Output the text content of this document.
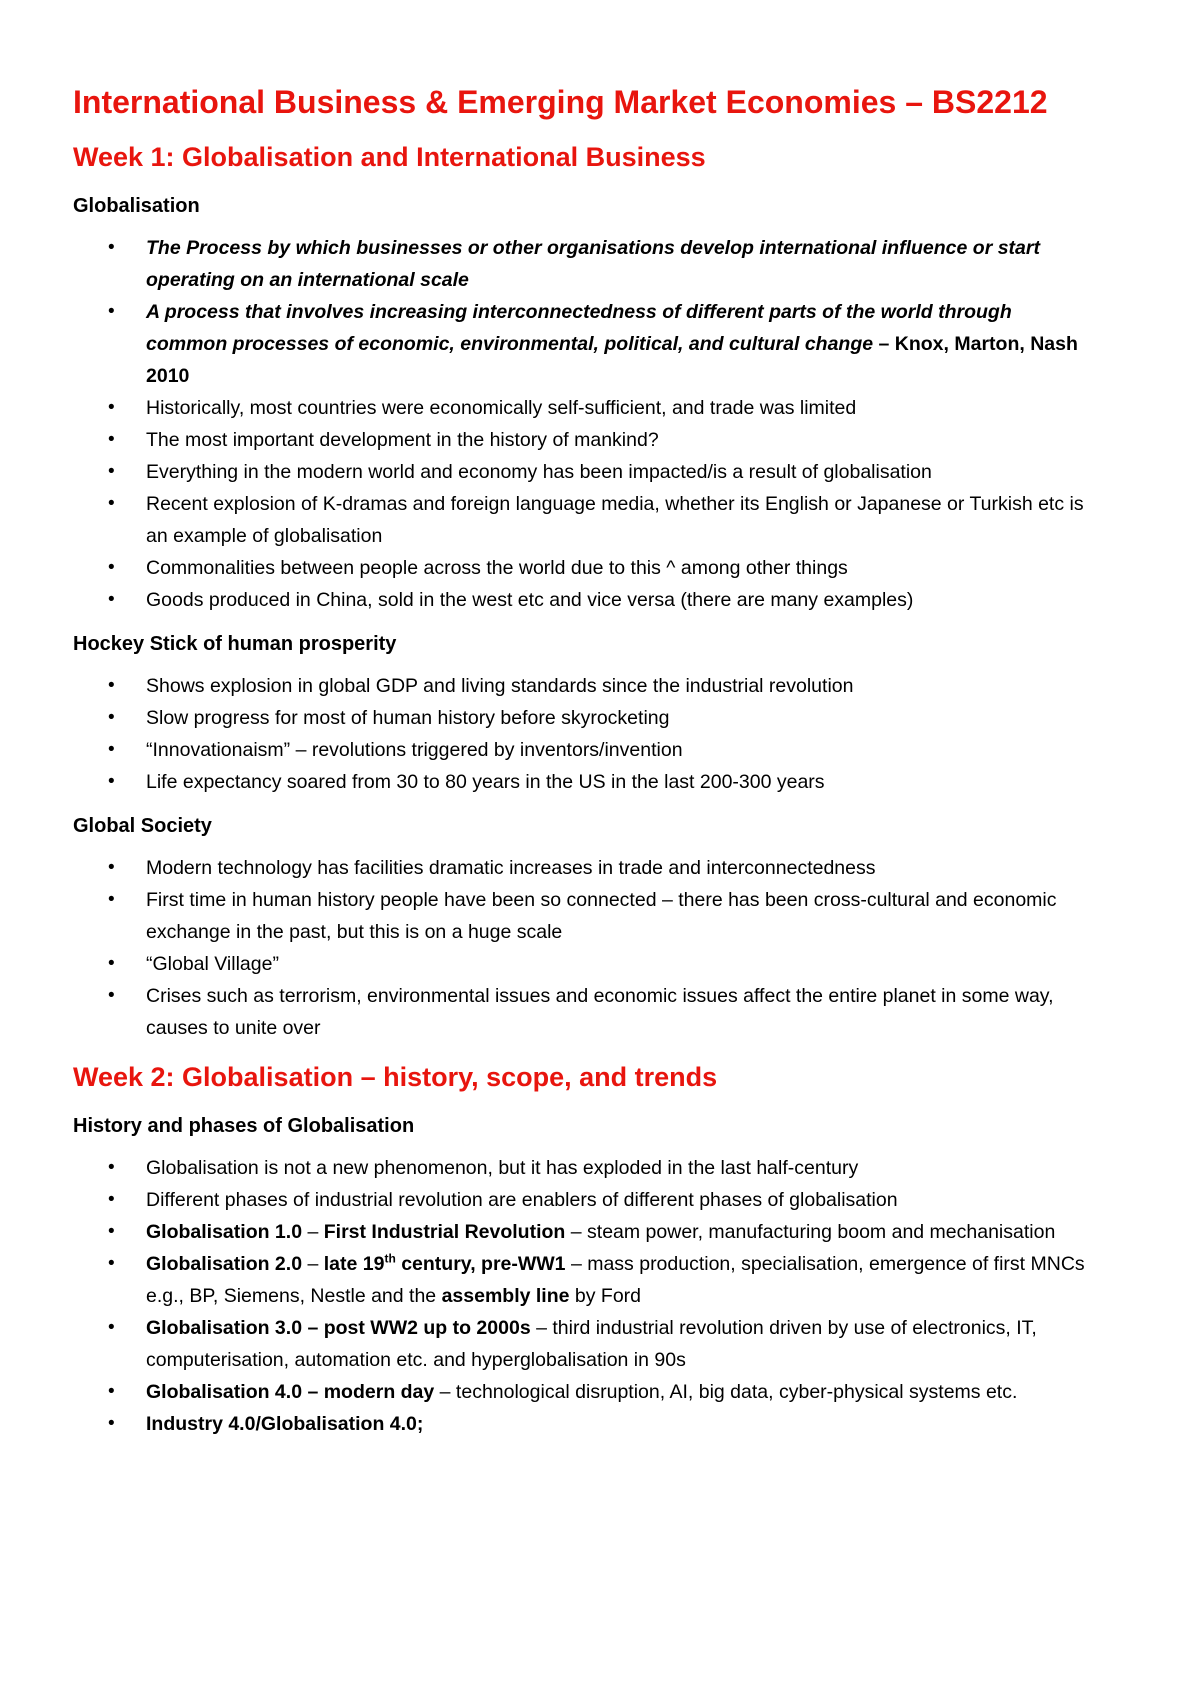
International Business & Emerging Market Economies – BS2212
Week 1: Globalisation and International Business
Globalisation
• The Process by which businesses or other organisations develop international influence or start operating on an international scale
• A process that involves increasing interconnectedness of different parts of the world through common processes of economic, environmental, political, and cultural change – Knox, Marton, Nash 2010
• Historically, most countries were economically self-sufficient, and trade was limited
• The most important development in the history of mankind?
• Everything in the modern world and economy has been impacted/is a result of globalisation
• Recent explosion of K-dramas and foreign language media, whether its English or Japanese or Turkish etc is an example of globalisation
• Commonalities between people across the world due to this ^ among other things
• Goods produced in China, sold in the west etc and vice versa (there are many examples)
Hockey Stick of human prosperity
• Shows explosion in global GDP and living standards since the industrial revolution
• Slow progress for most of human history before skyrocketing
• “Innovationaism” – revolutions triggered by inventors/invention
• Life expectancy soared from 30 to 80 years in the US in the last 200-300 years
Global Society
• Modern technology has facilities dramatic increases in trade and interconnectedness
• First time in human history people have been so connected – there has been cross-cultural and economic exchange in the past, but this is on a huge scale
• “Global Village”
• Crises such as terrorism, environmental issues and economic issues affect the entire planet in some way, causes to unite over
Week 2: Globalisation – history, scope, and trends
History and phases of Globalisation
• Globalisation is not a new phenomenon, but it has exploded in the last half-century
• Different phases of industrial revolution are enablers of different phases of globalisation
• Globalisation 1.0 – First Industrial Revolution – steam power, manufacturing boom and mechanisation
• Globalisation 2.0 – late 19th century, pre-WW1 – mass production, specialisation, emergence of first MNCs e.g., BP, Siemens, Nestle and the assembly line by Ford
• Globalisation 3.0 – post WW2 up to 2000s – third industrial revolution driven by use of electronics, IT, computerisation, automation etc. and hyperglobalisation in 90s
• Globalisation 4.0 – modern day – technological disruption, AI, big data, cyber-physical systems etc.
• Industry 4.0/Globalisation 4.0;
